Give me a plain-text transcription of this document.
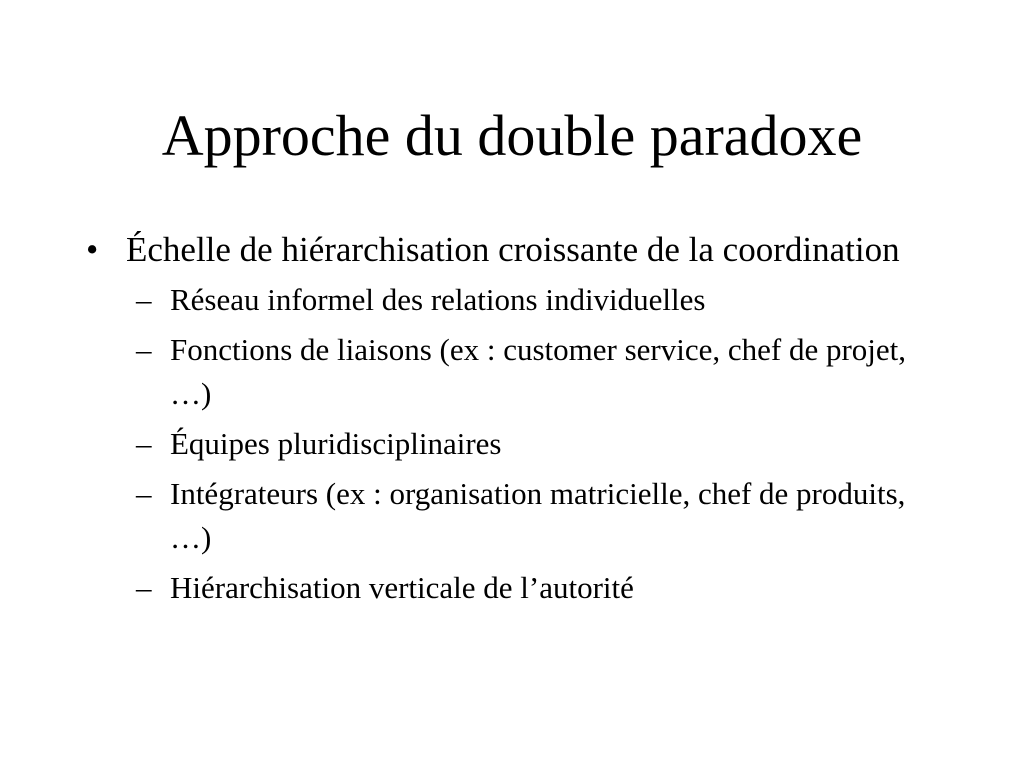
Approche du double paradoxe
• Échelle de hiérarchisation croissante de la coordination
– Réseau informel des relations individuelles
– Fonctions de liaisons (ex : customer service, chef de projet, …)
– Équipes pluridisciplinaires
– Intégrateurs (ex : organisation matricielle, chef de produits, …)
– Hiérarchisation verticale de l’autorité
